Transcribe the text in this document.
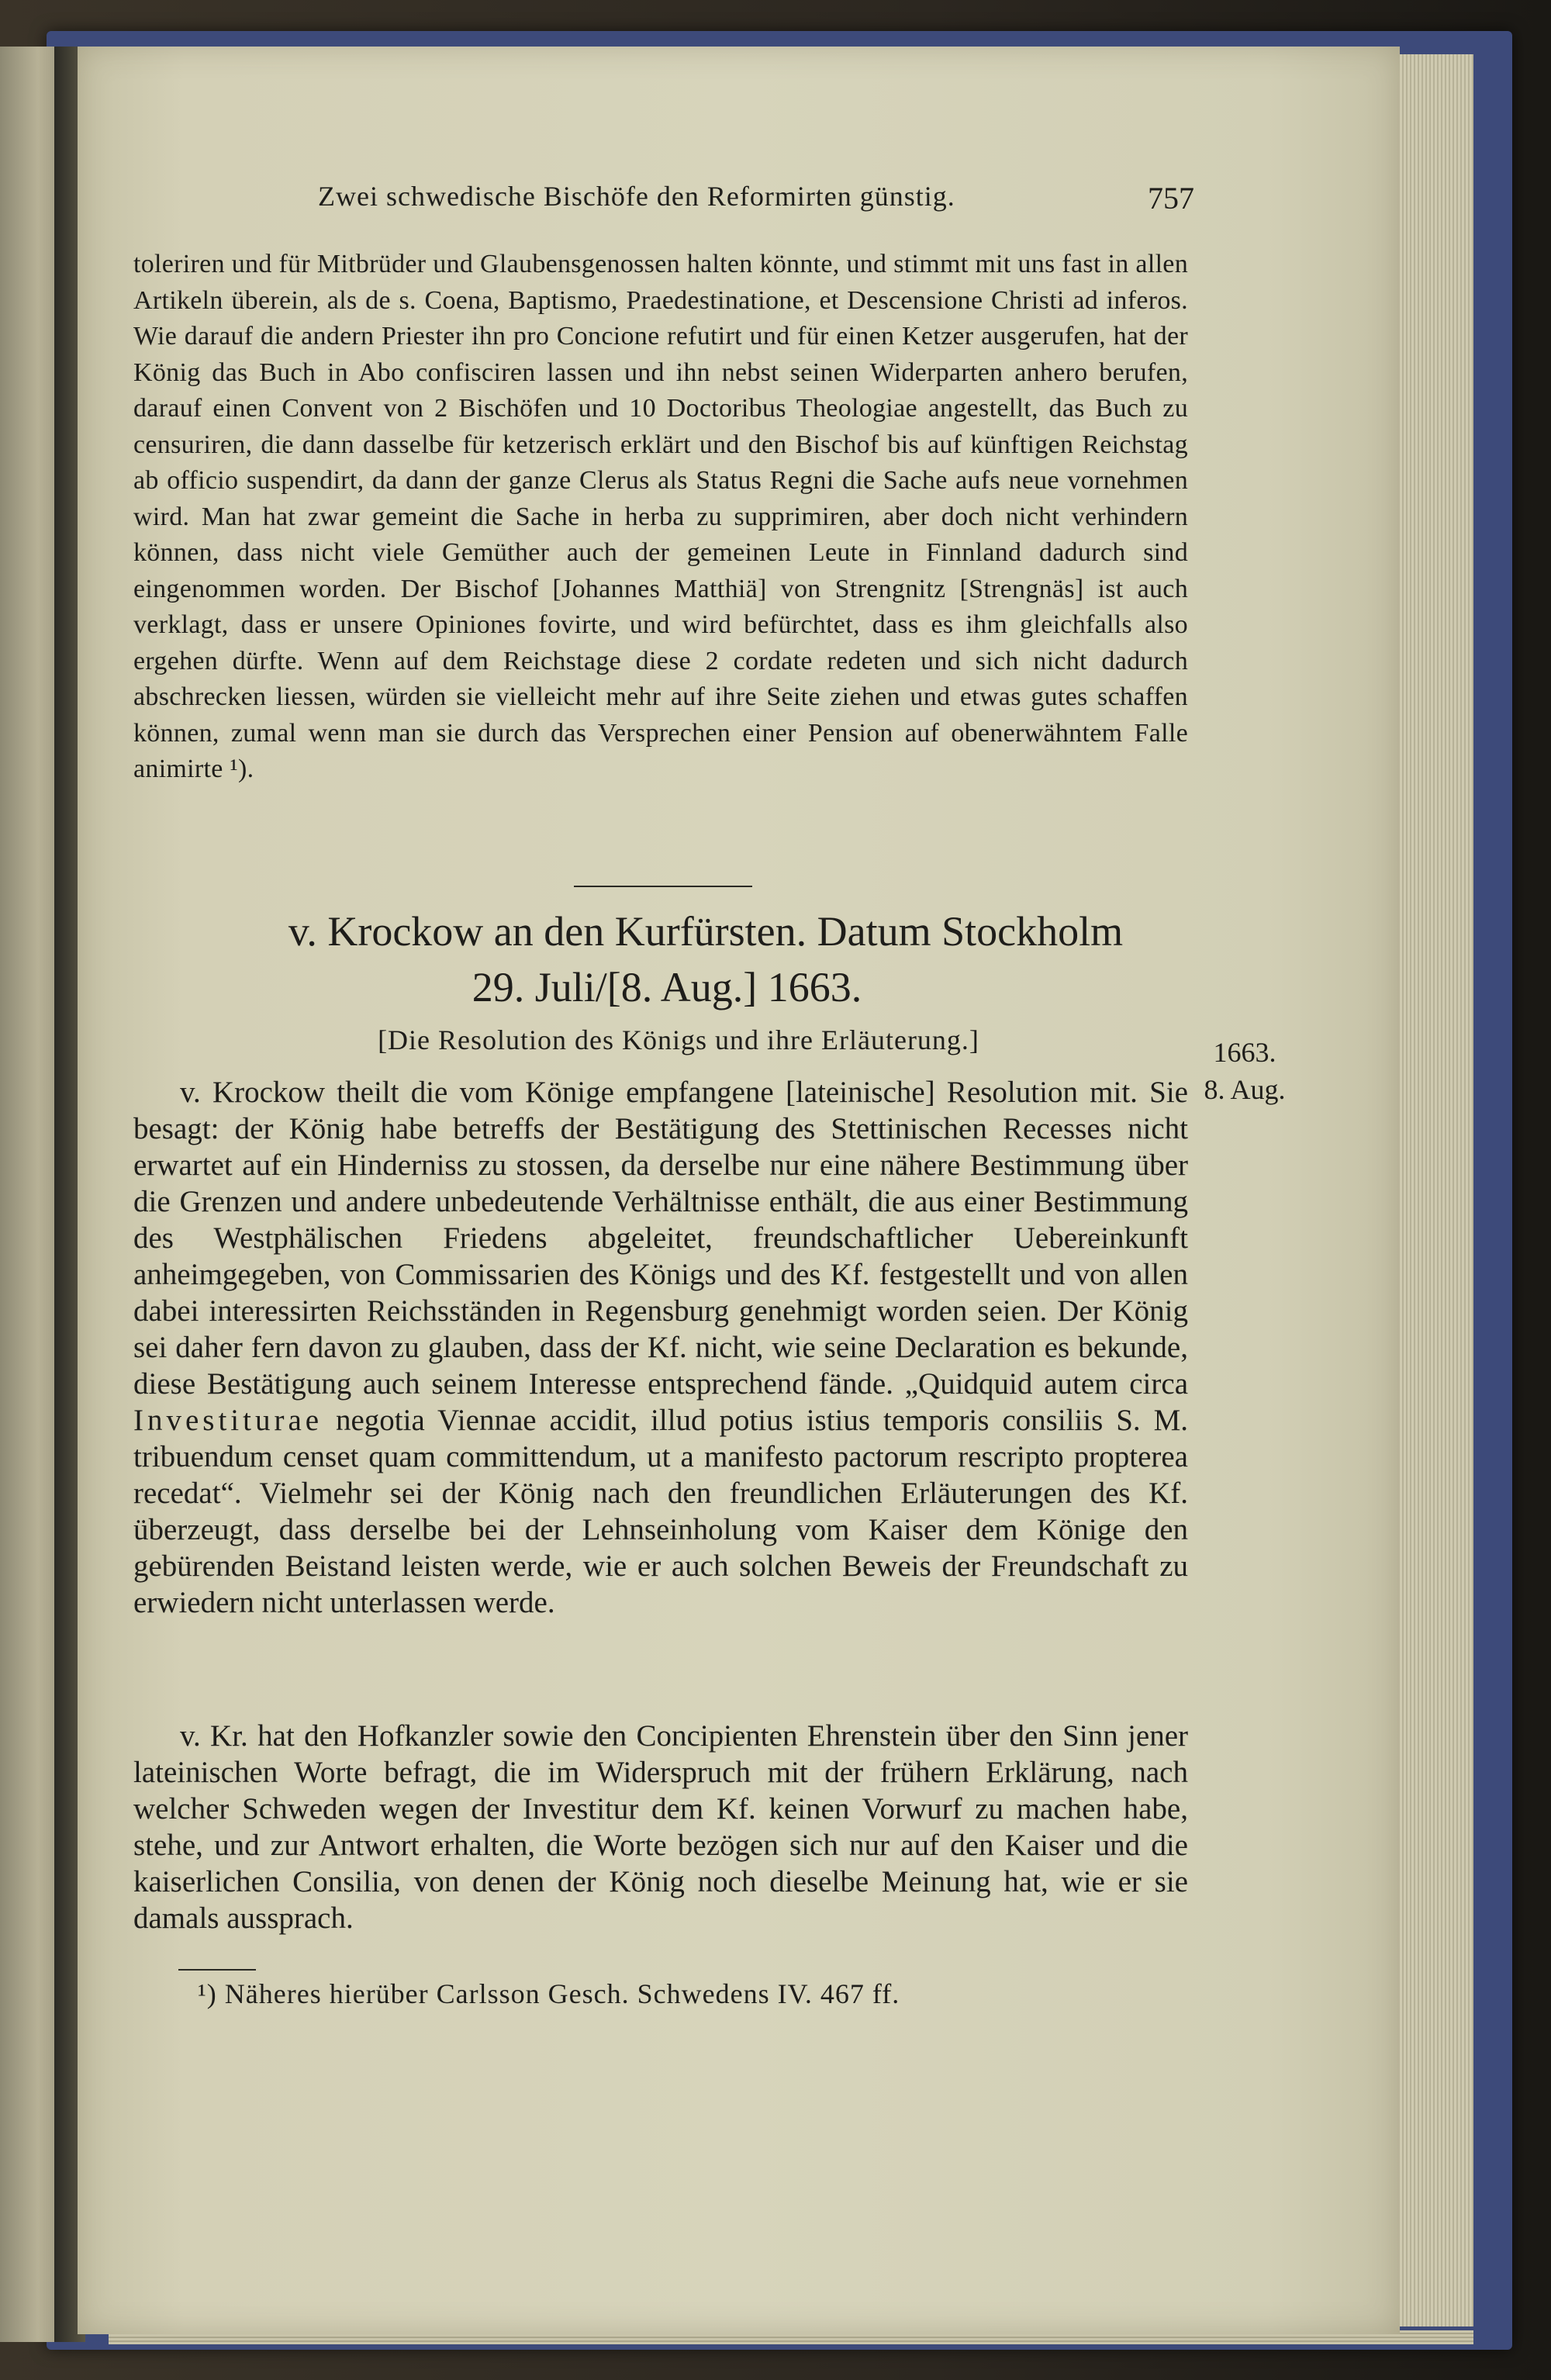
Zwei schwedische Bischöfe den Reformirten günstig.	757

toleriren und für Mitbrüder und Glaubensgenossen halten könnte, und stimmt mit uns fast in allen Artikeln überein, als de s. Coena, Baptismo, Praedestinatione, et Descensione Christi ad inferos. Wie darauf die andern Priester ihn pro Concione refutirt und für einen Ketzer ausgerufen, hat der König das Buch in Abo confisciren lassen und ihn nebst seinen Widerparten anhero berufen, darauf einen Convent von 2 Bischöfen und 10 Doctoribus Theologiae angestellt, das Buch zu censuriren, die dann dasselbe für ketzerisch erklärt und den Bischof bis auf künftigen Reichstag ab officio suspendirt, da dann der ganze Clerus als Status Regni die Sache aufs neue vornehmen wird. Man hat zwar gemeint die Sache in herba zu supprimiren, aber doch nicht verhindern können, dass nicht viele Gemüther auch der gemeinen Leute in Finnland dadurch sind eingenommen worden. Der Bischof [Johannes Matthiä] von Strengnitz [Strengnäs] ist auch verklagt, dass er unsere Opiniones fovirte, und wird befürchtet, dass es ihm gleichfalls also ergehen dürfte. Wenn auf dem Reichstage diese 2 cordate redeten und sich nicht dadurch abschrecken liessen, würden sie vielleicht mehr auf ihre Seite ziehen und etwas gutes schaffen können, zumal wenn man sie durch das Versprechen einer Pension auf obenerwähntem Falle animirte ¹).

v. Krockow an den Kurfürsten. Datum Stockholm
29. Juli/[8. Aug.] 1663.
[Die Resolution des Königs und ihre Erläuterung.]	1663.
8. Aug.

v. Krockow theilt die vom Könige empfangene [lateinische] Resolution mit. Sie besagt: der König habe betreffs der Bestätigung des Stettinischen Recesses nicht erwartet auf ein Hinderniss zu stossen, da derselbe nur eine nähere Bestimmung über die Grenzen und andere unbedeutende Verhältnisse enthält, die aus einer Bestimmung des Westphälischen Friedens abgeleitet, freundschaftlicher Uebereinkunft anheimgegeben, von Commissarien des Königs und des Kf. festgestellt und von allen dabei interessirten Reichsständen in Regensburg genehmigt worden seien. Der König sei daher fern davon zu glauben, dass der Kf. nicht, wie seine Declaration es bekunde, diese Bestätigung auch seinem Interesse entsprechend fände. „Quidquid autem circa Investiturae negotia Viennae accidit, illud potius istius temporis consiliis S. M. tribuendum censet quam committendum, ut a manifesto pactorum rescripto propterea recedat“. Vielmehr sei der König nach den freundlichen Erläuterungen des Kf. überzeugt, dass derselbe bei der Lehnseinholung vom Kaiser dem Könige den gebürenden Beistand leisten werde, wie er auch solchen Beweis der Freundschaft zu erwiedern nicht unterlassen werde.

v. Kr. hat den Hofkanzler sowie den Concipienten Ehrenstein über den Sinn jener lateinischen Worte befragt, die im Widerspruch mit der frühern Erklärung, nach welcher Schweden wegen der Investitur dem Kf. keinen Vorwurf zu machen habe, stehe, und zur Antwort erhalten, die Worte bezögen sich nur auf den Kaiser und die kaiserlichen Consilia, von denen der König noch dieselbe Meinung hat, wie er sie damals aussprach.

¹) Näheres hierüber Carlsson Gesch. Schwedens IV. 467 ff.
